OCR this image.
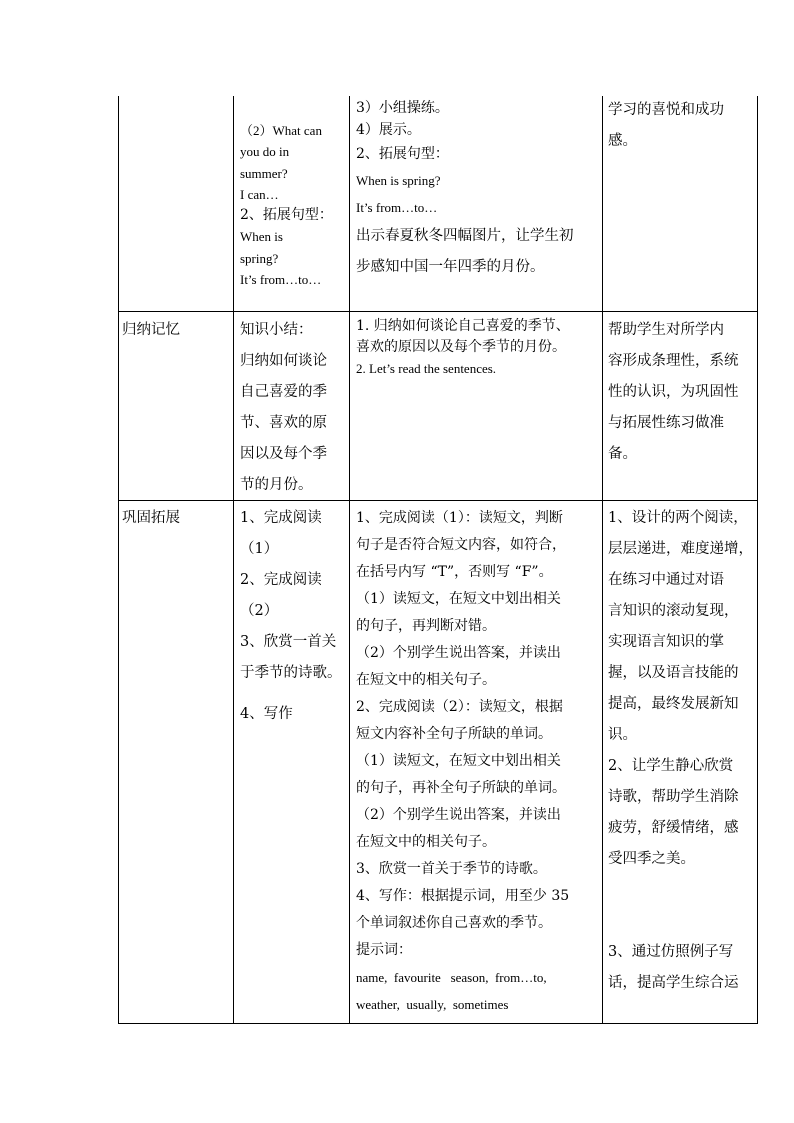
（2）What can
you do in
summer?
I can…
2、拓展句型：
When is
spring?
It’s from…to…
3）小组操练。
4）展示。
2、拓展句型：
When is spring?
It’s from…to…
出示春夏秋冬四幅图片，让学生初
步感知中国一年四季的月份。
学习的喜悦和成功
感。
归纳记忆	知识小结：
归纳如何谈论
自己喜爱的季
节、喜欢的原
因以及每个季
节的月份。
1. 归纳如何谈论自己喜爱的季节、
喜欢的原因以及每个季节的月份。
2. Let’s read the sentences.
帮助学生对所学内
容形成条理性，系统
性的认识，为巩固性
与拓展性练习做准
备。
巩固拓展	1、完成阅读
（1）
2、完成阅读
（2）
3、欣赏一首关
于季节的诗歌。
4、写作
1、完成阅读（1）：读短文，判断
句子是否符合短文内容，如符合，
在括号内写 “T”，否则写 “F”。
（1）读短文，在短文中划出相关
的句子，再判断对错。
（2）个别学生说出答案，并读出
在短文中的相关句子。
2、完成阅读（2）：读短文，根据
短文内容补全句子所缺的单词。
（1）读短文，在短文中划出相关
的句子，再补全句子所缺的单词。
（2）个别学生说出答案，并读出
在短文中的相关句子。
3、欣赏一首关于季节的诗歌。
4、写作：根据提示词，用至少 35
个单词叙述你自己喜欢的季节。
提示词：
name,  favourite   season,  from…to,
weather,  usually,  sometimes
1、设计的两个阅读，
层层递进，难度递增，
在练习中通过对语
言知识的滚动复现，
实现语言知识的掌
握，以及语言技能的
提高，最终发展新知
识。
2、让学生静心欣赏
诗歌，帮助学生消除
疲劳，舒缓情绪，感
受四季之美。
3、通过仿照例子写
话，提高学生综合运
